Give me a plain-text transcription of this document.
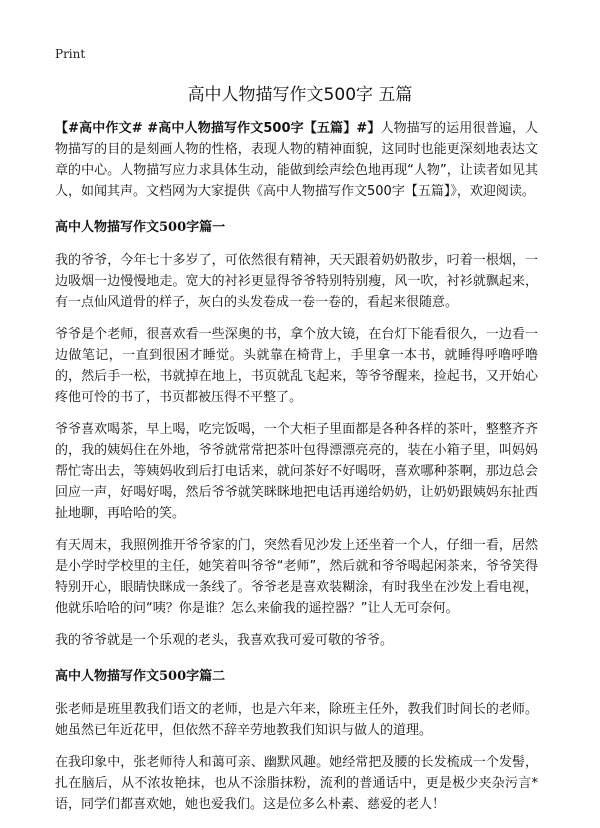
Print
高中人物描写作文500字 五篇

【#高中作文# #高中人物描写作文500字【五篇】#】人物描写的运用很普遍，人物描写的目的是刻画人物的性格，表现人物的精神面貌，这同时也能更深刻地表达文章的中心。人物描写应力求具体生动，能做到绘声绘色地再现“人物”，让读者如见其人，如闻其声。文档网为大家提供《高中人物描写作文500字【五篇】》，欢迎阅读。

高中人物描写作文500字篇一

我的爷爷，今年七十多岁了，可依然很有精神，天天跟着奶奶散步，叼着一根烟，一边吸烟一边慢慢地走。宽大的衬衫更显得爷爷特别特别瘦，风一吹，衬衫就飘起来，有一点仙风道骨的样子，灰白的头发卷成一卷一卷的，看起来很随意。

爷爷是个老师，很喜欢看一些深奥的书，拿个放大镜，在台灯下能看很久，一边看一边做笔记，一直到很困才睡觉。头就靠在椅背上，手里拿一本书，就睡得呼噜呼噜的，然后手一松，书就掉在地上，书页就乱飞起来，等爷爷醒来，捡起书，又开始心疼他可怜的书了，书页都被压得不平整了。

爷爷喜欢喝茶，早上喝，吃完饭喝，一个大柜子里面都是各种各样的茶叶，整整齐齐的，我的姨妈住在外地，爷爷就常常把茶叶包得漂漂亮亮的，装在小箱子里，叫妈妈帮忙寄出去，等姨妈收到后打电话来，就问茶好不好喝呀，喜欢哪种茶啊，那边总会回应一声，好喝好喝，然后爷爷就笑眯眯地把电话再递给奶奶，让奶奶跟姨妈东扯西扯地聊，再哈哈的笑。

有天周末，我照例推开爷爷家的门，突然看见沙发上还坐着一个人，仔细一看，居然是小学时学校里的主任，她笑着叫爷爷“老师”，然后就和爷爷喝起闲茶来，爷爷笑得特别开心，眼睛快眯成一条线了。爷爷老是喜欢装糊涂，有时我坐在沙发上看电视，他就乐哈哈的问“咦？你是谁？怎么来偷我的遥控器？”让人无可奈何。

我的爷爷就是一个乐观的老头，我喜欢我可爱可敬的爷爷。

高中人物描写作文500字篇二

张老师是班里教我们语文的老师，也是六年来，除班主任外，教我们时间长的老师。她虽然已年近花甲，但依然不辞辛劳地教我们知识与做人的道理。

在我印象中，张老师待人和蔼可亲、幽默风趣。她经常把及腰的长发梳成一个发髻，扎在脑后，从不浓妆艳抹，也从不涂脂抹粉，流利的普通话中，更是极少夹杂污言*语，同学们都喜欢她，她也爱我们。这是位多么朴素、慈爱的老人！
